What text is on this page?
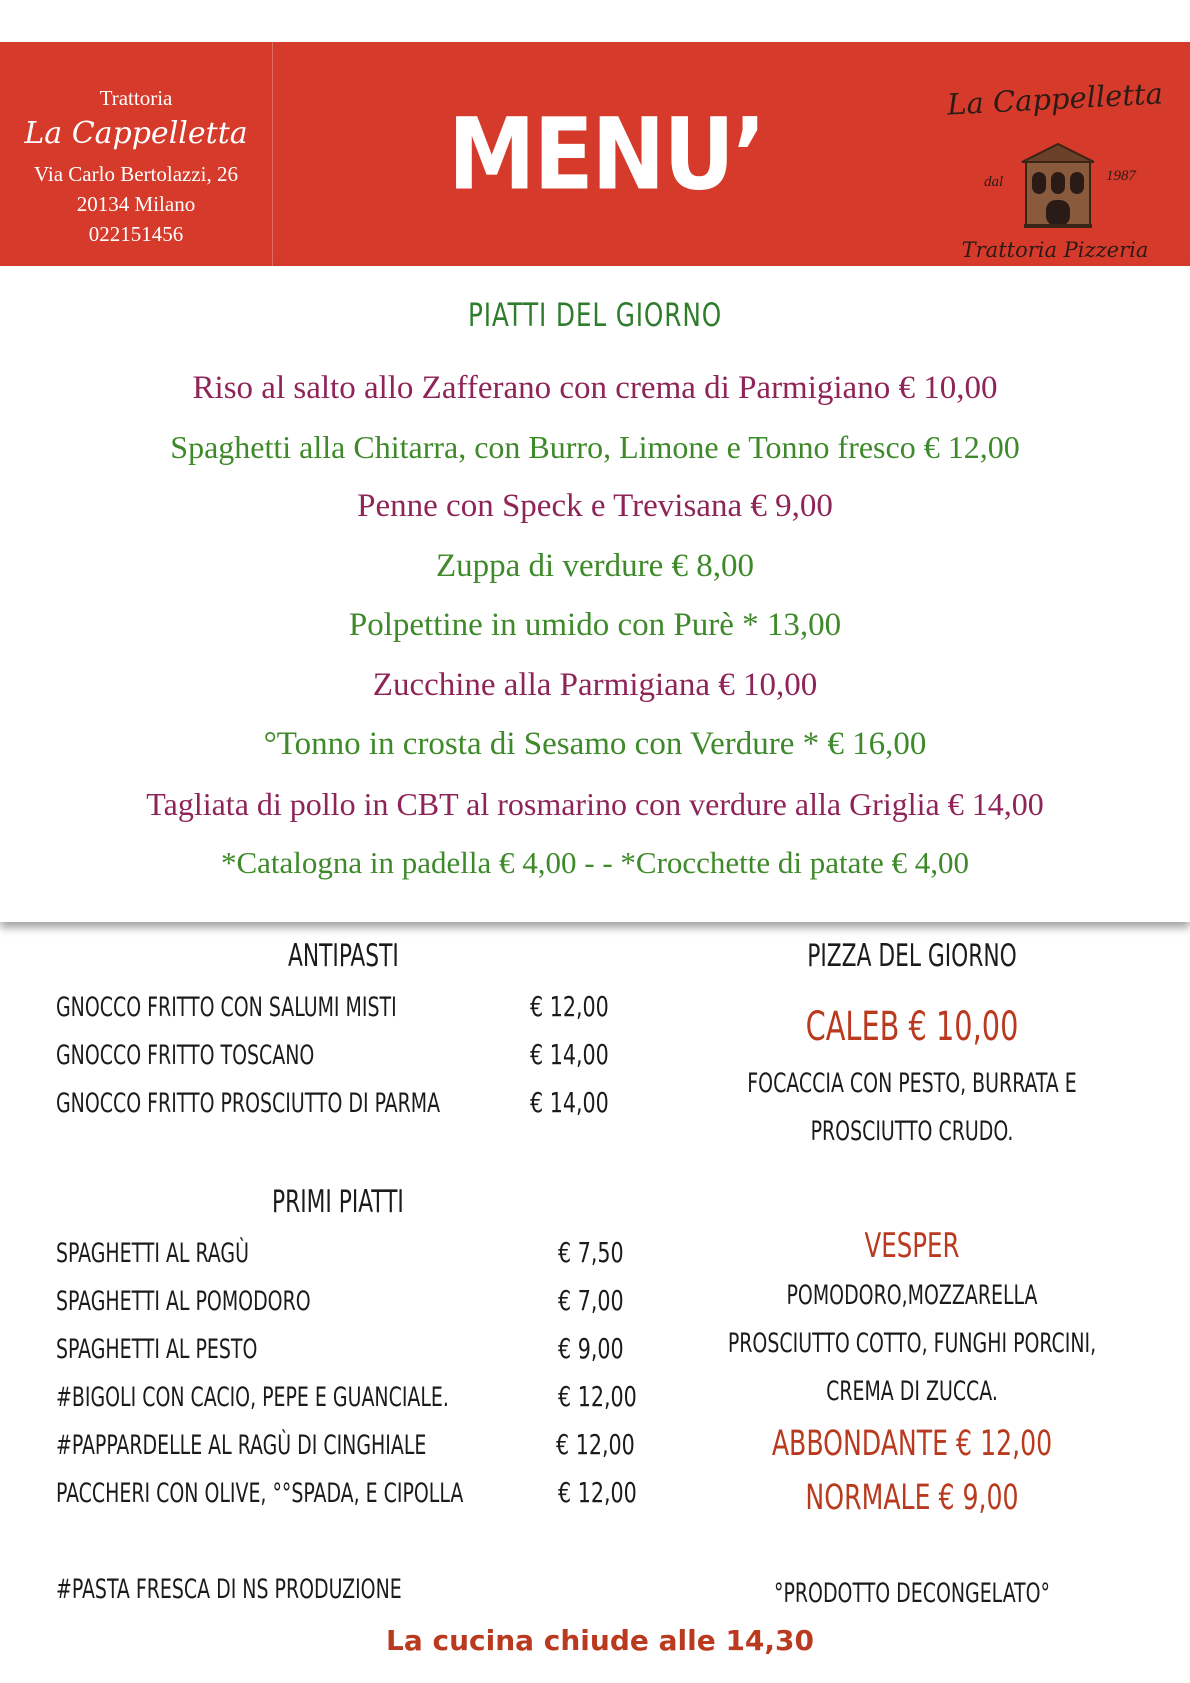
Trattoria
La Cappelletta
Via Carlo Bertolazzi, 26
20134 Milano
022151456
MENU’	La Cappelletta
dal	1987
Trattoria Pizzeria
PIATTI DEL GIORNO
Riso al salto allo Zafferano con crema di Parmigiano € 10,00
Spaghetti alla Chitarra, con Burro, Limone e Tonno fresco € 12,00
Penne con Speck e Trevisana € 9,00
Zuppa di verdure € 8,00
Polpettine in umido con Purè * 13,00
Zucchine alla Parmigiana € 10,00
°Tonno in crosta di Sesamo con Verdure * € 16,00
Tagliata di pollo in CBT al rosmarino con verdure alla Griglia € 14,00
*Catalogna in padella € 4,00 - - *Crocchette di patate € 4,00
ANTIPASTI
GNOCCO FRITTO CON SALUMI MISTI	€ 12,00
GNOCCO FRITTO TOSCANO	€ 14,00
GNOCCO FRITTO PROSCIUTTO DI PARMA	€ 14,00
PRIMI PIATTI
SPAGHETTI AL RAGÙ	€ 7,50
SPAGHETTI AL POMODORO	€ 7,00
SPAGHETTI AL PESTO	€ 9,00
#BIGOLI CON CACIO, PEPE E GUANCIALE.	€ 12,00
#PAPPARDELLE AL RAGÙ DI CINGHIALE	€ 12,00
PACCHERI CON OLIVE, °°SPADA, E CIPOLLA	€ 12,00
#PASTA FRESCA DI NS PRODUZIONE
PIZZA DEL GIORNO
CALEB € 10,00
FOCACCIA CON PESTO, BURRATA E
PROSCIUTTO CRUDO.
VESPER
POMODORO,MOZZARELLA
PROSCIUTTO COTTO, FUNGHI PORCINI,
CREMA DI ZUCCA.
ABBONDANTE € 12,00
NORMALE € 9,00
°PRODOTTO DECONGELATO°
La cucina chiude alle 14,30
